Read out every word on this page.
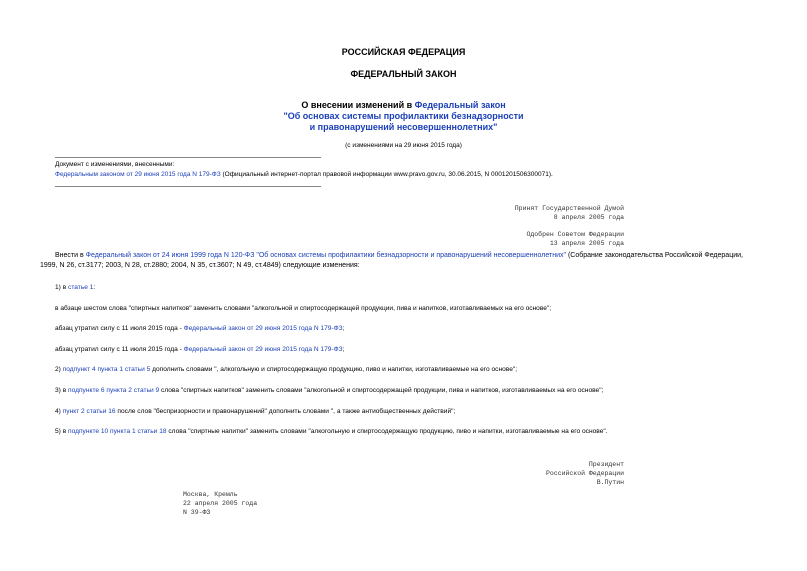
РОССИЙСКАЯ ФЕДЕРАЦИЯ
ФЕДЕРАЛЬНЫЙ ЗАКОН
О внесении изменений в Федеральный закон
"Об основах системы профилактики безнадзорности
и правонарушений несовершеннолетних"
(с изменениями на 29 июня 2015 года)
Документ с изменениями, внесенными:
Федеральным законом от 29 июня 2015 года N 179-ФЗ (Официальный интернет-портал правовой информации www.pravo.gov.ru, 30.06.2015, N 0001201506300071).
Принят Государственной Думой
8 апреля 2005 года
Одобрен Советом Федерации
13 апреля 2005 года
Внести в Федеральный закон от 24 июня 1999 года N 120-ФЗ "Об основах системы профилактики безнадзорности и правонарушений несовершеннолетних" (Собрание законодательства Российской Федерации,
1999, N 26, ст.3177; 2003, N 28, ст.2880; 2004, N 35, ст.3607; N 49, ст.4849) следующие изменения:
1) в статье 1:
в абзаце шестом слова "спиртных напитков" заменить словами "алкогольной и спиртосодержащей продукции, пива и напитков, изготавливаемых на его основе";
абзац утратил силу с 11 июля 2015 года - Федеральный закон от 29 июня 2015 года N 179-ФЗ;
абзац утратил силу с 11 июля 2015 года - Федеральный закон от 29 июня 2015 года N 179-ФЗ;
2) подпункт 4 пункта 1 статьи 5 дополнить словами ", алкогольную и спиртосодержащую продукцию, пиво и напитки, изготавливаемые на его основе";
3) в подпункте 6 пункта 2 статьи 9 слова "спиртных напитков" заменить словами "алкогольной и спиртосодержащей продукции, пива и напитков, изготавливаемых на его основе";
4) пункт 2 статьи 16 после слов "беспризорности и правонарушений" дополнить словами ", а также антиобщественных действий";
5) в подпункте 10 пункта 1 статьи 18 слова "спиртные напитки" заменить словами "алкогольную и спиртосодержащую продукцию, пиво и напитки, изготавливаемые на его основе".
Президент
Российской Федерации
В.Путин
Москва, Кремль
22 апреля 2005 года
N 39-ФЗ
